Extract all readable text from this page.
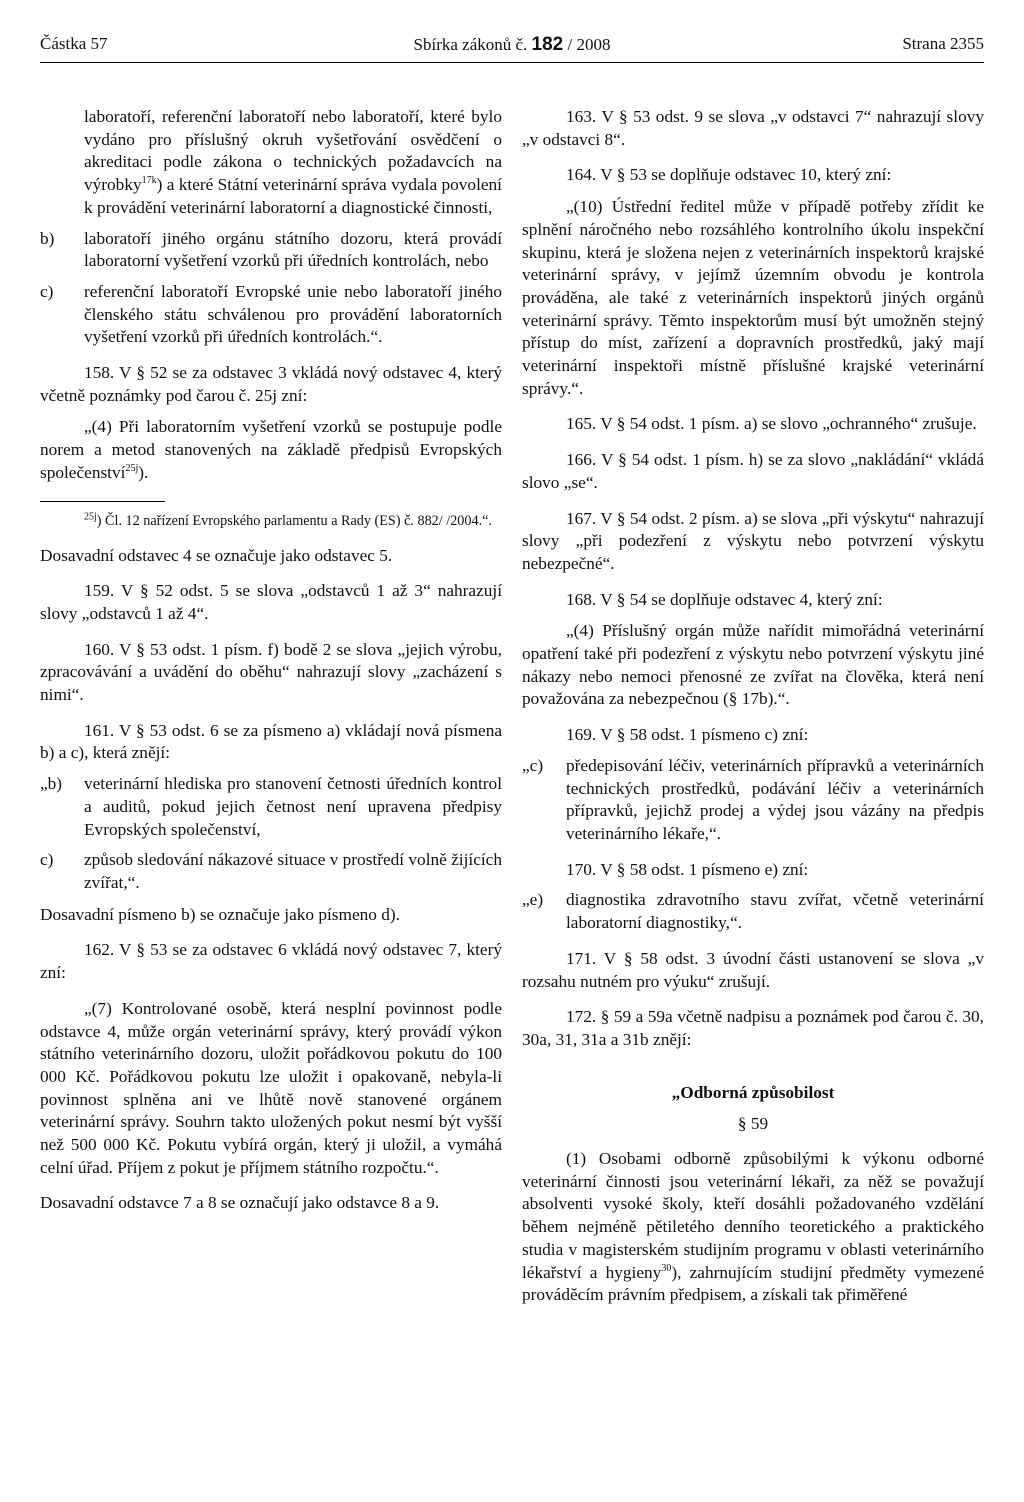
Částka 57	Sbírka zákonů č. 182 / 2008	Strana 2355

laboratoří, referenční laboratoří nebo laboratoří, které bylo vydáno pro příslušný okruh vyšetřování osvědčení o akreditaci podle zákona o technických požadavcích na výrobky$^{17k}$) a které Státní veterinární správa vydala povolení k provádění veterinární laboratorní a diagnostické činnosti,

b)	laboratoří jiného orgánu státního dozoru, která provádí laboratorní vyšetření vzorků při úředních kontrolách, nebo
c)	referenční laboratoří Evropské unie nebo laboratoří jiného členského státu schválenou pro provádění laboratorních vyšetření vzorků při úředních kontrolách.“.

158. V § 52 se za odstavec 3 vkládá nový odstavec 4, který včetně poznámky pod čarou č. 25j zní:

„(4) Při laboratorním vyšetření vzorků se postupuje podle norem a metod stanovených na základě předpisů Evropských společenství$^{25j}$).

$^{25j}$) Čl. 12 nařízení Evropského parlamentu a Rady (ES) č. 882/ /2004.“.

Dosavadní odstavec 4 se označuje jako odstavec 5.

159. V § 52 odst. 5 se slova „odstavců 1 až 3“ nahrazují slovy „odstavců 1 až 4“.

160. V § 53 odst. 1 písm. f) bodě 2 se slova „jejich výrobu, zpracovávání a uvádění do oběhu“ nahrazují slovy „zacházení s nimi“.

161. V § 53 odst. 6 se za písmeno a) vkládají nová písmena b) a c), která znějí:

„b)	veterinární hlediska pro stanovení četnosti úředních kontrol a auditů, pokud jejich četnost není upravena předpisy Evropských společenství,
c)	způsob sledování nákazové situace v prostředí volně žijících zvířat,“.

Dosavadní písmeno b) se označuje jako písmeno d).

162. V § 53 se za odstavec 6 vkládá nový odstavec 7, který zní:

„(7) Kontrolované osobě, která nesplní povinnost podle odstavce 4, může orgán veterinární správy, který provádí výkon státního veterinárního dozoru, uložit pořádkovou pokutu do 100 000 Kč. Pořádkovou pokutu lze uložit i opakovaně, nebyla-li povinnost splněna ani ve lhůtě nově stanovené orgánem veterinární správy. Souhrn takto uložených pokut nesmí být vyšší než 500 000 Kč. Pokutu vybírá orgán, který ji uložil, a vymáhá celní úřad. Příjem z pokut je příjmem státního rozpočtu.“.

Dosavadní odstavce 7 a 8 se označují jako odstavce 8 a 9.

163. V § 53 odst. 9 se slova „v odstavci 7“ nahrazují slovy „v odstavci 8“.

164. V § 53 se doplňuje odstavec 10, který zní:

„(10) Ústřední ředitel může v případě potřeby zřídit ke splnění náročného nebo rozsáhlého kontrolního úkolu inspekční skupinu, která je složena nejen z veterinárních inspektorů krajské veterinární správy, v jejímž územním obvodu je kontrola prováděna, ale také z veterinárních inspektorů jiných orgánů veterinární správy. Těmto inspektorům musí být umožněn stejný přístup do míst, zařízení a dopravních prostředků, jaký mají veterinární inspektoři místně příslušné krajské veterinární správy.“.

165. V § 54 odst. 1 písm. a) se slovo „ochranného“ zrušuje.

166. V § 54 odst. 1 písm. h) se za slovo „nakládání“ vkládá slovo „se“.

167. V § 54 odst. 2 písm. a) se slova „při výskytu“ nahrazují slovy „při podezření z výskytu nebo potvrzení výskytu nebezpečné“.

168. V § 54 se doplňuje odstavec 4, který zní:

„(4) Příslušný orgán může nařídit mimořádná veterinární opatření také při podezření z výskytu nebo potvrzení výskytu jiné nákazy nebo nemoci přenosné ze zvířat na člověka, která není považována za nebezpečnou (§ 17b).“.

169. V § 58 odst. 1 písmeno c) zní:

„c)	předepisování léčiv, veterinárních přípravků a veterinárních technických prostředků, podávání léčiv a veterinárních přípravků, jejichž prodej a výdej jsou vázány na předpis veterinárního lékaře,“.

170. V § 58 odst. 1 písmeno e) zní:

„e)	diagnostika zdravotního stavu zvířat, včetně veterinární laboratorní diagnostiky,“.

171. V § 58 odst. 3 úvodní části ustanovení se slova „v rozsahu nutném pro výuku“ zrušují.

172. § 59 a 59a včetně nadpisu a poznámek pod čarou č. 30, 30a, 31, 31a a 31b znějí:

„Odborná způsobilost

§ 59

(1) Osobami odborně způsobilými k výkonu odborné veterinární činnosti jsou veterinární lékaři, za něž se považují absolventi vysoké školy, kteří dosáhli požadovaného vzdělání během nejméně pětiletého denního teoretického a praktického studia v magisterském studijním programu v oblasti veterinárního lékařství a hygieny$^{30}$), zahrnujícím studijní předměty vymezené prováděcím právním předpisem, a získali tak přiměřené
